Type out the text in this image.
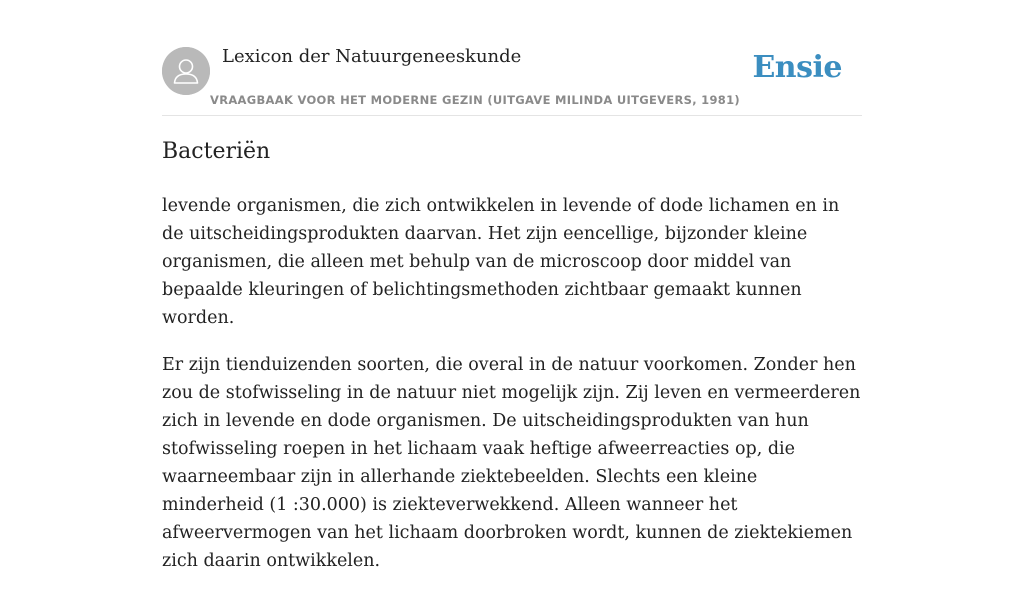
Lexicon der Natuurgeneeskunde
VRAAGBAAK VOOR HET MODERNE GEZIN (UITGAVE MILINDA UITGEVERS, 1981)
Ensie
Bacteriën

levende organismen, die zich ontwikkelen in levende of dode lichamen en in de uitscheidingsprodukten daarvan. Het zijn eencellige, bijzonder kleine organismen, die alleen met behulp van de microscoop door middel van bepaalde kleuringen of belichtingsmethoden zichtbaar gemaakt kunnen worden.

Er zijn tienduizenden soorten, die overal in de natuur voorkomen. Zonder hen zou de stofwisseling in de natuur niet mogelijk zijn. Zij leven en vermeerderen zich in levende en dode organismen. De uitscheidingsprodukten van hun stofwisseling roepen in het lichaam vaak heftige afweerreacties op, die waarneembaar zijn in allerhande ziektebeelden. Slechts een kleine minderheid (1 :30.000) is ziekteverwekkend. Alleen wanneer het afweervermogen van het lichaam doorbroken wordt, kunnen de ziektekiemen zich daarin ontwikkelen.
